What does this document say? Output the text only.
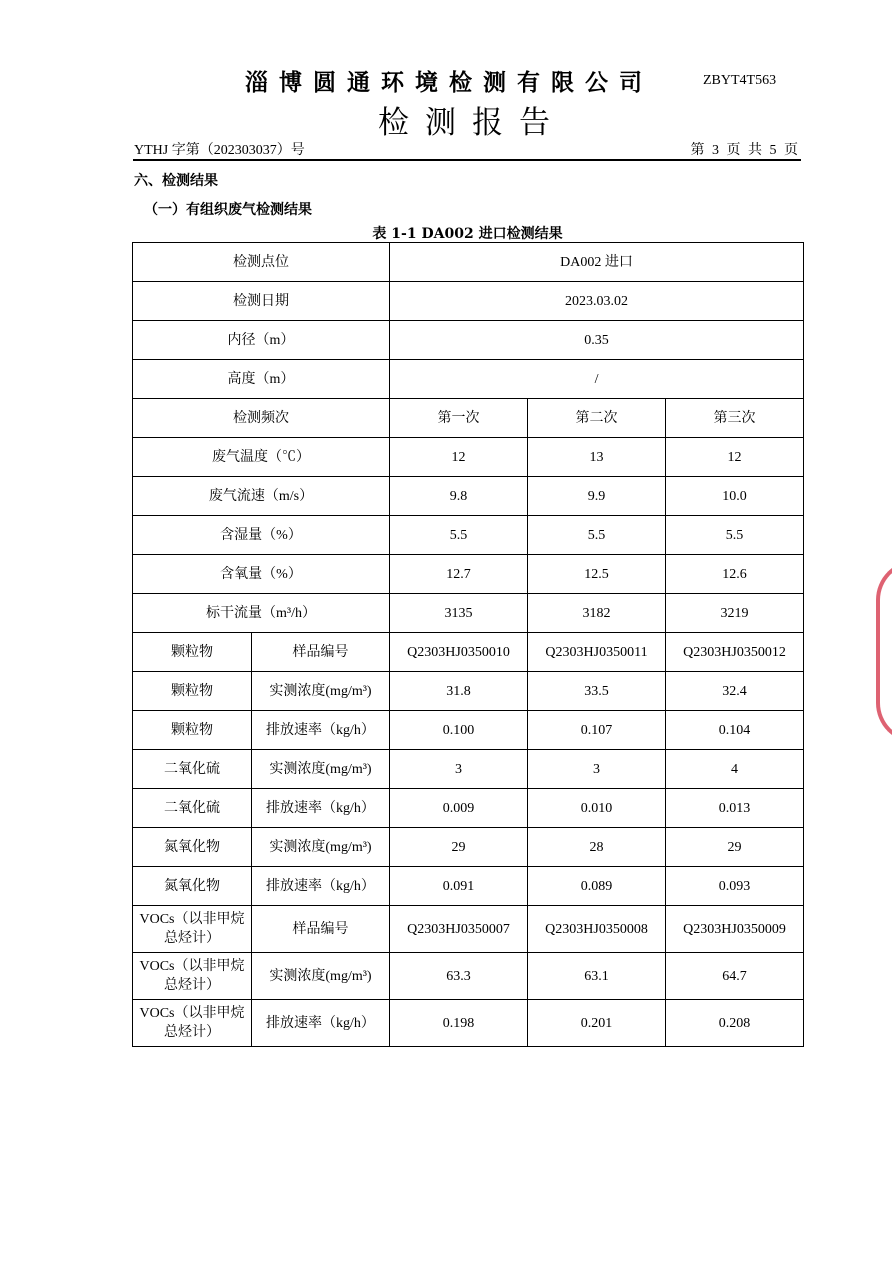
淄博圆通环境检测有限公司	ZBYT4T563
检测报告
YTHJ 字第（202303037）号	第 3 页 共 5 页
六、检测结果
（一）有组织废气检测结果
表 1-1 DA002 进口检测结果
检测点位		DA002 进口		
检测日期		2023.03.02		
内径（m）		0.35		
高度（m）		/		
检测频次		第一次	第二次	第三次
废气温度（℃）		12	13	12
废气流速（m/s）		9.8	9.9	10.0
含湿量（%）		5.5	5.5	5.5
含氧量（%）		12.7	12.5	12.6
标干流量（m³/h）		3135	3182	3219
颗粒物	样品编号	Q2303HJ0350010	Q2303HJ0350011	Q2303HJ0350012
颗粒物	实测浓度(mg/m³)	31.8	33.5	32.4
颗粒物	排放速率（kg/h）	0.100	0.107	0.104
二氧化硫	实测浓度(mg/m³)	3	3	4
二氧化硫	排放速率（kg/h）	0.009	0.010	0.013
氮氧化物	实测浓度(mg/m³)	29	28	29
氮氧化物	排放速率（kg/h）	0.091	0.089	0.093
VOCs（以非甲烷总烃计）	样品编号	Q2303HJ0350007	Q2303HJ0350008	Q2303HJ0350009
VOCs（以非甲烷总烃计）	实测浓度(mg/m³)	63.3	63.1	64.7
VOCs（以非甲烷总烃计）	排放速率（kg/h）	0.198	0.201	0.208
